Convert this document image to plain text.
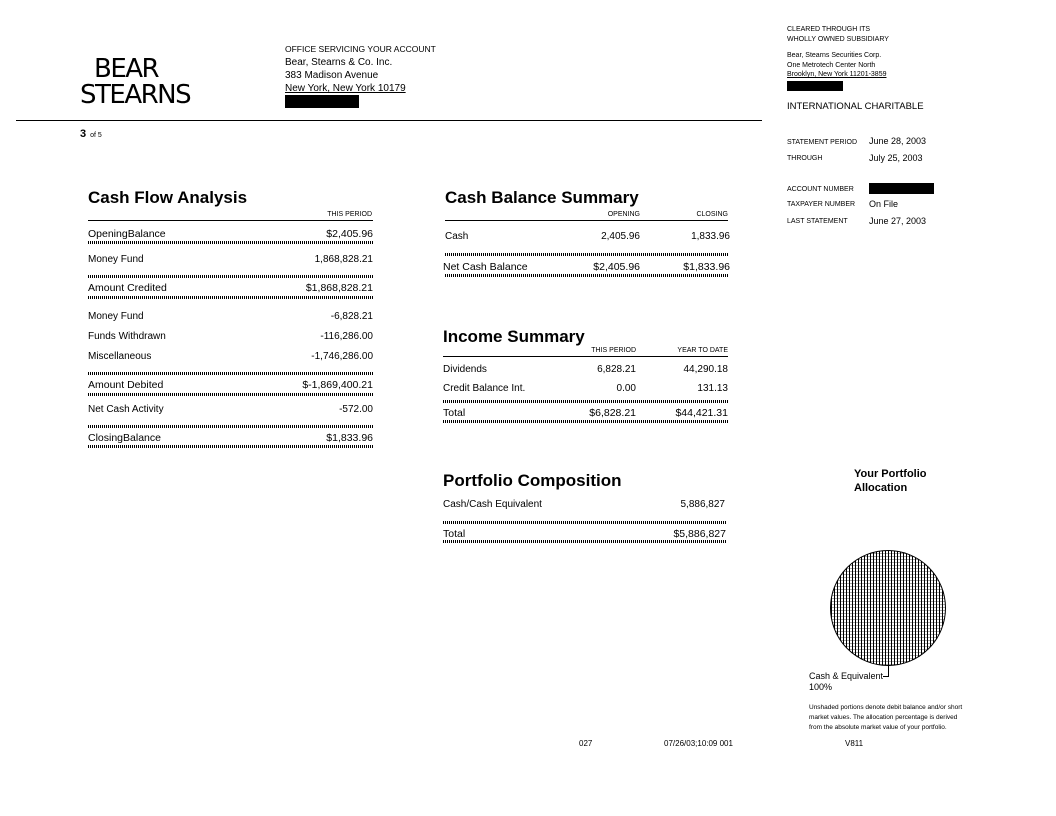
BEAR
STEARNS
OFFICE SERVICING YOUR ACCOUNT
Bear, Stearns & Co. Inc.
383 Madison Avenue
New York, New York 10179
CLEARED THROUGH ITS
WHOLLY OWNED SUBSIDIARY
Bear, Stearns Securities Corp.
One Metrotech Center North
Brooklyn, New York 11201-3859
INTERNATIONAL CHARITABLE
STATEMENT PERIOD June 28, 2003
THROUGH	July 25, 2003
ACCOUNT NUMBER
TAXPAYER NUMBER On File
LAST STATEMENT June 27, 2003
3 of 5
Cash Flow Analysis
THIS PERIOD
OpeningBalance	$2,405.96
Money Fund	1,868,828.21
Amount Credited	$1,868,828.21
Money Fund	-6,828.21
Funds Withdrawn	-116,286.00
Miscellaneous	-1,746,286.00
Amount Debited	$-1,869,400.21
Net Cash Activity	-572.00
ClosingBalance	$1,833.96
Cash Balance Summary
OPENING	CLOSING
Cash	2,405.96	1,833.96
Net Cash Balance	$2,405.96	$1,833.96
Income Summary
THIS PERIOD	YEAR TO DATE
Dividends	6,828.21	44,290.18
Credit Balance Int.	0.00	131.13
Total	$6,828.21	$44,421.31
Portfolio Composition
Cash/Cash Equivalent	5,886,827
Total	$5,886,827
Your Portfolio
Allocation
Cash & Equivalent
100%
Unshaded portions denote debit balance and/or short
market values. The allocation percentage is derived
from the absolute market value of your portfolio.
027	07/26/03;10:09 001	V811
